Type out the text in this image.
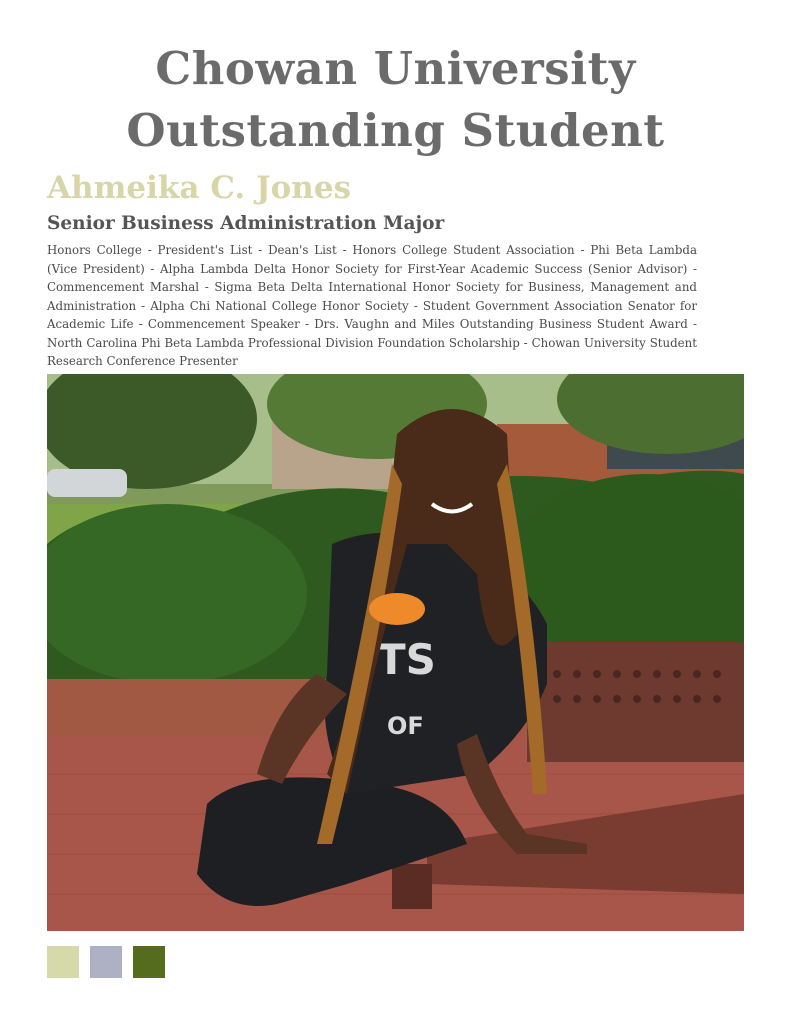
Chowan University
Outstanding Student
Ahmeika C. Jones
Senior Business Administration Major
Honors College - President's List - Dean's List - Honors College Student Association - Phi Beta Lambda (Vice President) - Alpha Lambda Delta Honor Society for First-Year Academic Success (Senior Advisor) - Commencement Marshal - Sigma Beta Delta International Honor Society for Business, Management and Administration - Alpha Chi National College Honor Society - Student Government Association Senator for Academic Life - Commencement Speaker - Drs. Vaughn and Miles Outstanding Business Student Award - North Carolina Phi Beta Lambda Professional Division Foundation Scholarship - Chowan University Student Research Conference Presenter
TS
OF
